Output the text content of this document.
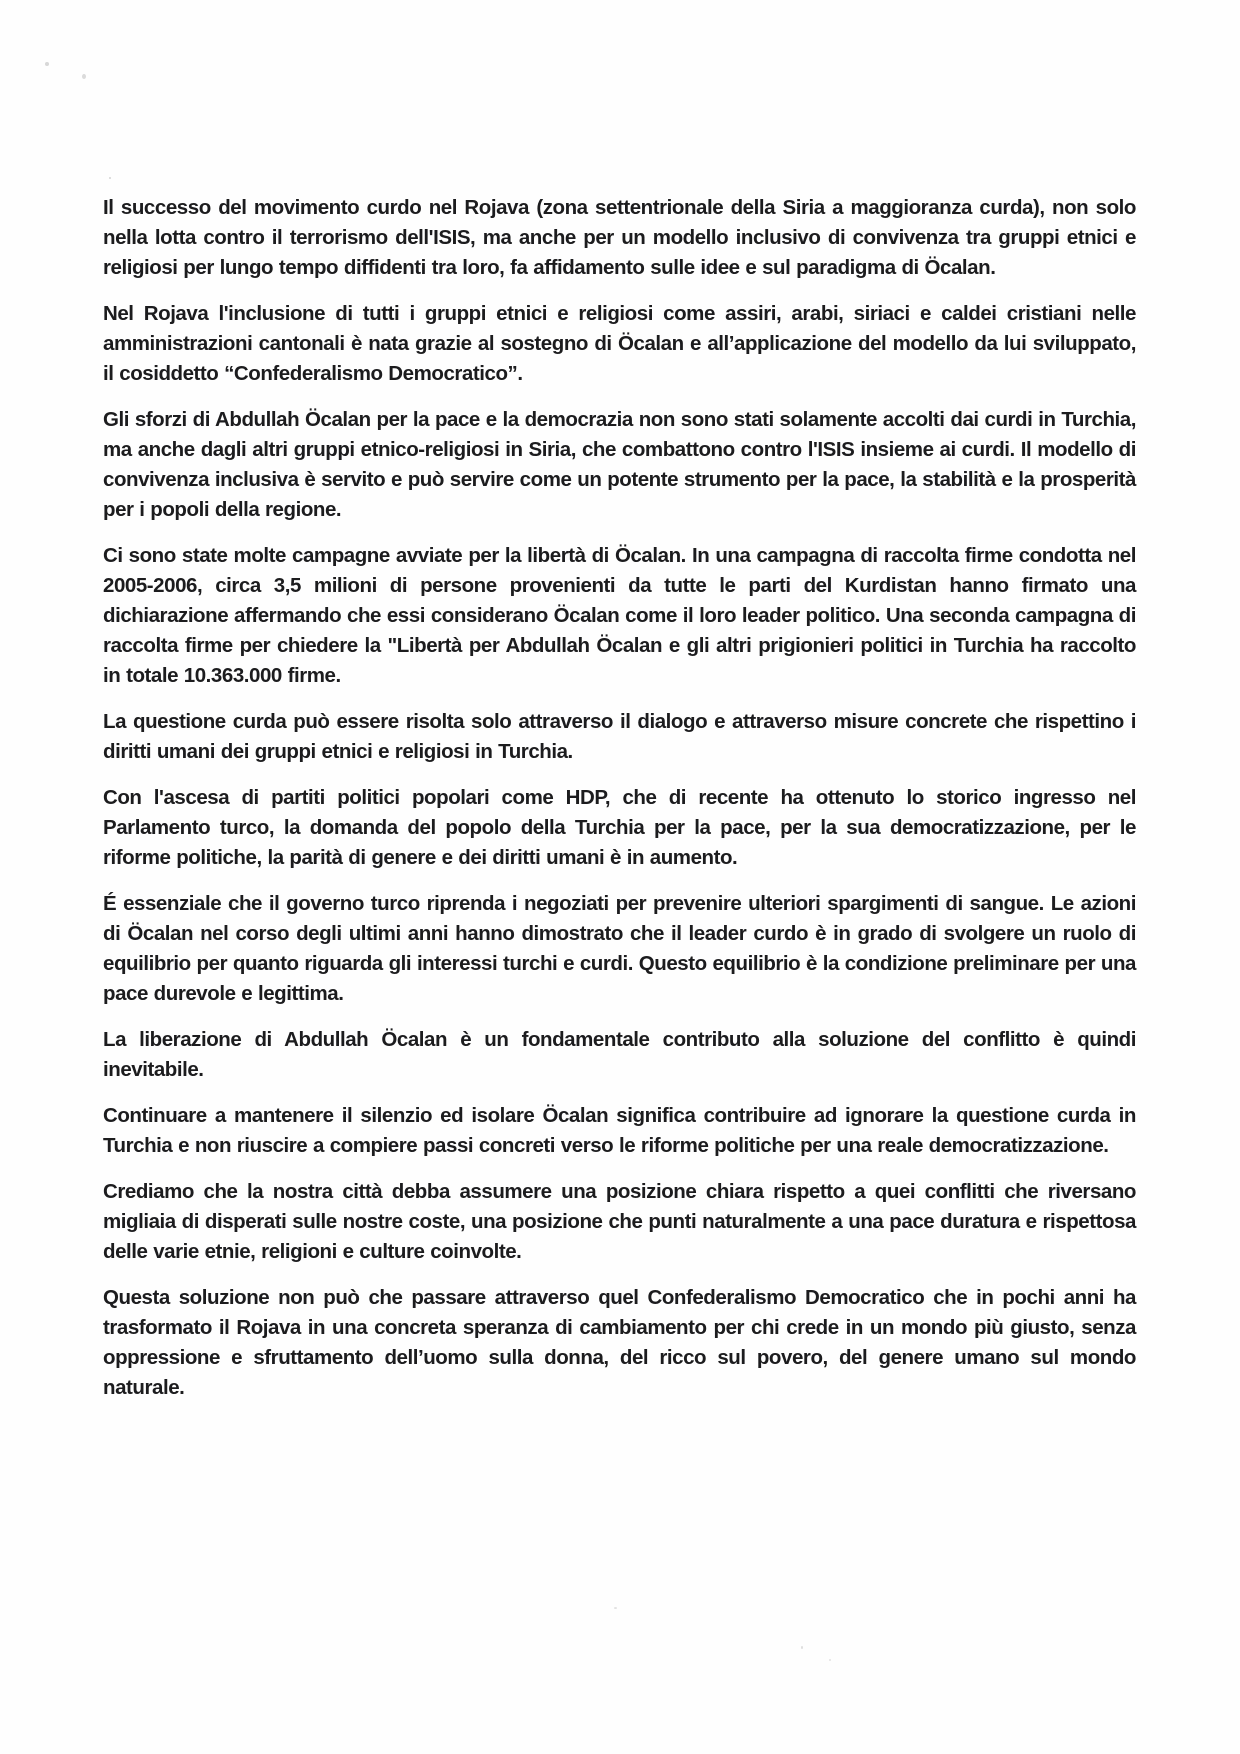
Il successo del movimento curdo nel Rojava (zona settentrionale della Siria a maggioranza curda), non solo nella lotta contro il terrorismo dell'ISIS, ma anche per un modello inclusivo di convivenza tra gruppi etnici e religiosi per lungo tempo diffidenti tra loro, fa affidamento sulle idee e sul paradigma di Öcalan.

Nel Rojava l'inclusione di tutti i gruppi etnici e religiosi come assiri, arabi, siriaci e caldei cristiani nelle amministrazioni cantonali è nata grazie al sostegno di Öcalan e all’applicazione del modello da lui sviluppato, il cosiddetto “Confederalismo Democratico”.

Gli sforzi di Abdullah Öcalan per la pace e la democrazia non sono stati solamente accolti dai curdi in Turchia, ma anche dagli altri gruppi etnico-religiosi in Siria, che combattono contro l'ISIS insieme ai curdi. Il modello di convivenza inclusiva è servito e può servire come un potente strumento per la pace, la stabilità e la prosperità per i popoli della regione.

Ci sono state molte campagne avviate per la libertà di Öcalan. In una campagna di raccolta firme condotta nel 2005-2006, circa 3,5 milioni di persone provenienti da tutte le parti del Kurdistan hanno firmato una dichiarazione affermando che essi considerano Öcalan come il loro leader politico. Una seconda campagna di raccolta firme per chiedere la "Libertà per Abdullah Öcalan e gli altri prigionieri politici in Turchia ha raccolto in totale 10.363.000 firme.

La questione curda può essere risolta solo attraverso il dialogo e attraverso misure concrete che rispettino i diritti umani dei gruppi etnici e religiosi in Turchia.

Con l'ascesa di partiti politici popolari come HDP, che di recente ha ottenuto lo storico ingresso nel Parlamento turco, la domanda del popolo della Turchia per la pace, per la sua democratizzazione, per le riforme politiche, la parità di genere e dei diritti umani è in aumento.

É essenziale che il governo turco riprenda i negoziati per prevenire ulteriori spargimenti di sangue. Le azioni di Öcalan nel corso degli ultimi anni hanno dimostrato che il leader curdo è in grado di svolgere un ruolo di equilibrio per quanto riguarda gli interessi turchi e curdi. Questo equilibrio è la condizione preliminare per una pace durevole e legittima.

La liberazione di Abdullah Öcalan è un fondamentale contributo alla soluzione del conflitto è quindi inevitabile.

Continuare a mantenere il silenzio ed isolare Öcalan significa contribuire ad ignorare la questione curda in Turchia e non riuscire a compiere passi concreti verso le riforme politiche per una reale democratizzazione.

Crediamo che la nostra città debba assumere una posizione chiara rispetto a quei conflitti che riversano migliaia di disperati sulle nostre coste, una posizione che punti naturalmente a una pace duratura e rispettosa delle varie etnie, religioni e culture coinvolte.

Questa soluzione non può che passare attraverso quel Confederalismo Democratico che in pochi anni ha trasformato il Rojava in una concreta speranza di cambiamento per chi crede in un mondo più giusto, senza oppressione e sfruttamento dell’uomo sulla donna, del ricco sul povero, del genere umano sul mondo naturale.
